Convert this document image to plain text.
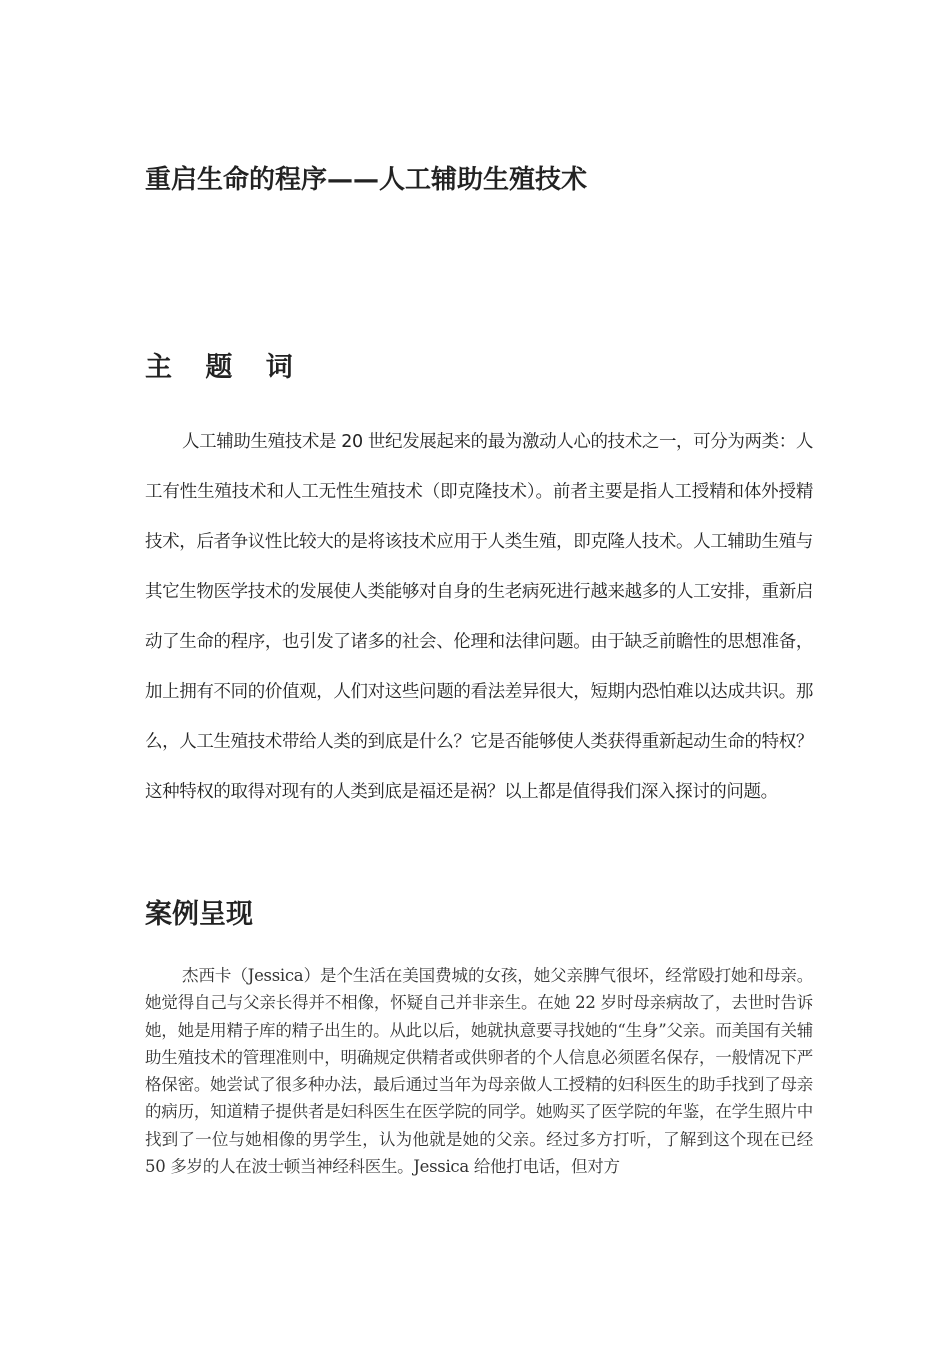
重启生命的程序——人工辅助生殖技术
主 题 词

人工辅助生殖技术是 20 世纪发展起来的最为激动人心的技术之一，可分为两类：人工有性生殖技术和人工无性生殖技术（即克隆技术）。前者主要是指人工授精和体外授精技术，后者争议性比较大的是将该技术应用于人类生殖，即克隆人技术。人工辅助生殖与其它生物医学技术的发展使人类能够对自身的生老病死进行越来越多的人工安排，重新启动了生命的程序，也引发了诸多的社会、伦理和法律问题。由于缺乏前瞻性的思想准备，加上拥有不同的价值观，人们对这些问题的看法差异很大，短期内恐怕难以达成共识。那么，人工生殖技术带给人类的到底是什么？它是否能够使人类获得重新起动生命的特权？这种特权的取得对现有的人类到底是福还是祸？以上都是值得我们深入探讨的问题。

案例呈现

杰西卡（Jessica）是个生活在美国费城的女孩，她父亲脾气很坏，经常殴打她和母亲。她觉得自己与父亲长得并不相像，怀疑自己并非亲生。在她 22 岁时母亲病故了，去世时告诉她，她是用精子库的精子出生的。从此以后，她就执意要寻找她的“生身”父亲。而美国有关辅助生殖技术的管理准则中，明确规定供精者或供卵者的个人信息必须匿名保存，一般情况下严格保密。她尝试了很多种办法，最后通过当年为母亲做人工授精的妇科医生的助手找到了母亲的病历，知道精子提供者是妇科医生在医学院的同学。她购买了医学院的年鉴，在学生照片中找到了一位与她相像的男学生，认为他就是她的父亲。经过多方打听，了解到这个现在已经 50 多岁的人在波士顿当神经科医生。Jessica 给他打电话，但对方
